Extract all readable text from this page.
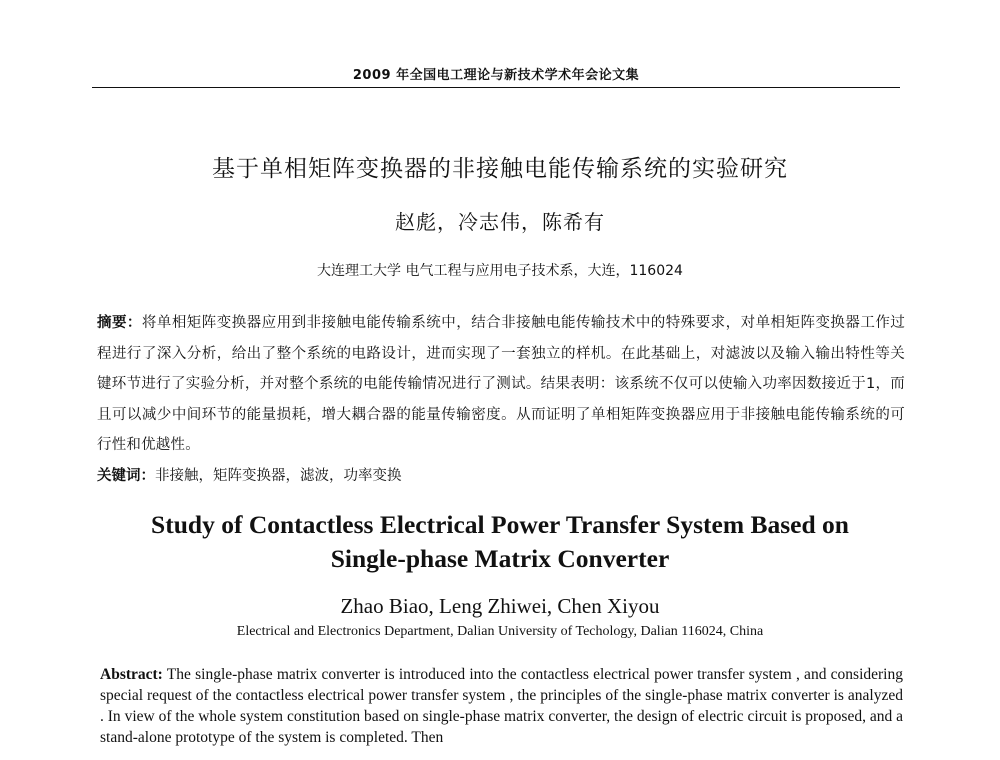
2009 年全国电工理论与新技术学术年会论文集
基于单相矩阵变换器的非接触电能传输系统的实验研究
赵彪，冷志伟，陈希有
大连理工大学 电气工程与应用电子技术系，大连，116024
摘要：将单相矩阵变换器应用到非接触电能传输系统中，结合非接触电能传输技术中的特殊要求，对单相矩阵变换器工作过程进行了深入分析，给出了整个系统的电路设计，进而实现了一套独立的样机。在此基础上，对滤波以及输入输出特性等关键环节进行了实验分析，并对整个系统的电能传输情况进行了测试。结果表明：该系统不仅可以使输入功率因数接近于1，而且可以减少中间环节的能量损耗，增大耦合器的能量传输密度。从而证明了单相矩阵变换器应用于非接触电能传输系统的可行性和优越性。
关键词：非接触，矩阵变换器，滤波，功率变换
Study of Contactless Electrical Power Transfer System Based on
Single-phase Matrix Converter
Zhao Biao, Leng Zhiwei, Chen Xiyou
Electrical and Electronics Department, Dalian University of Techology, Dalian 116024, China
Abstract: The single-phase matrix converter is introduced into the contactless electrical power transfer system , and considering special request of the contactless electrical power transfer system , the principles of the single-phase matrix converter is analyzed . In view of the whole system constitution based on single-phase matrix converter, the design of electric circuit is proposed, and a stand-alone prototype of the system is completed. Then
